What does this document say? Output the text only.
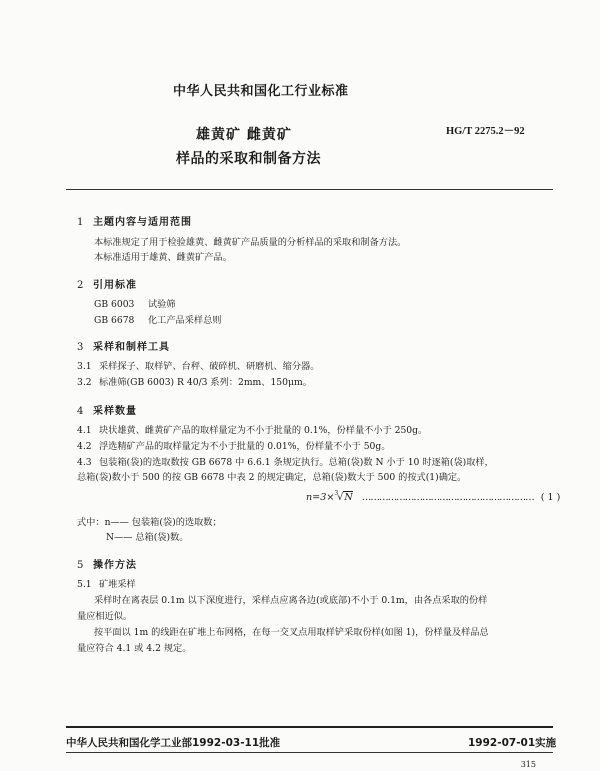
中华人民共和国化工行业标准
雄黄矿 雌黄矿
样品的采取和制备方法
HG/T 2275.2－92
1 主题内容与适用范围
本标准规定了用于检验雄黄、雌黄矿产品质量的分析样品的采取和制备方法。
本标准适用于雄黄、雌黄矿产品。
2 引用标准
GB 6003 试验筛
GB 6678 化工产品采样总则
3 采样和制样工具
3.1 采样探子、取样铲、台秤、破碎机、研磨机、缩分器。
3.2 标准筛(GB 6003) R 40/3 系列：2mm、150μm。
4 采样数量
4.1 块状雄黄、雌黄矿产品的取样量定为不小于批量的 0.1%，份样量不小于 250g。
4.2 浮选精矿产品的取样量定为不小于批量的 0.01%，份样量不小于 50g。
4.3 包装箱(袋)的选取数按 GB 6678 中 6.6.1 条规定执行。总箱(袋)数 N 小于 10 时逐箱(袋)取样，
总箱(袋)数小于 500 的按 GB 6678 中表 2 的规定确定，总箱(袋)数大于 500 的按式(1)确定。
n=3×$^3$√N …………………………………………………… ( 1 )
式中：n—— 包装箱(袋)的选取数；
N—— 总箱(袋)数。
5 操作方法
5.1 矿堆采样
采样时在离表层 0.1m 以下深度进行，采样点应离各边(或底部)不小于 0.1m，由各点采取的份样
量应相近似。
按平面以 1m 的线距在矿堆上布网格，在每一交叉点用取样铲采取份样(如图 1)，份样量及样品总
量应符合 4.1 或 4.2 规定。
中华人民共和国化学工业部1992-03-11批准	1992-07-01实施
315
